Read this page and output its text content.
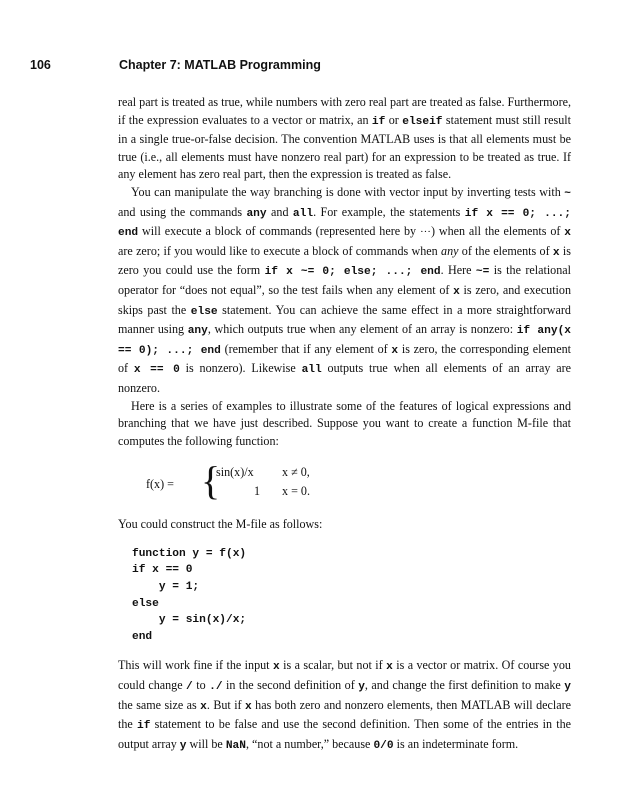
106	Chapter 7: MATLAB Programming

real part is treated as true, while numbers with zero real part are treated as false. Furthermore, if the expression evaluates to a vector or matrix, an if or elseif statement must still result in a single true-or-false decision. The convention MATLAB uses is that all elements must be true (i.e., all elements must have nonzero real part) for an expression to be treated as true. If any element has zero real part, then the expression is treated as false.

You can manipulate the way branching is done with vector input by inverting tests with ~ and using the commands any and all. For example, the statements if x == 0; ...; end will execute a block of commands (represented here by ···) when all the elements of x are zero; if you would like to execute a block of commands when any of the elements of x is zero you could use the form if x ~= 0; else; ...; end. Here ~= is the relational operator for “does not equal”, so the test fails when any element of x is zero, and execution skips past the else statement. You can achieve the same effect in a more straightforward manner using any, which outputs true when any element of an array is nonzero: if any(x == 0); ...; end (remember that if any element of x is zero, the corresponding element of x == 0 is nonzero). Likewise all outputs true when all elements of an array are nonzero.

Here is a series of examples to illustrate some of the features of logical expressions and branching that we have just described. Suppose you want to create a function M-file that computes the following function:

f(x) = {
sin(x)/x x ≠ 0,
1 x = 0.

You could construct the M-file as follows:

function y = f(x)
if x == 0
y = 1;
else
y = sin(x)/x;
end

This will work fine if the input x is a scalar, but not if x is a vector or matrix. Of course you could change / to ./ in the second definition of y, and change the first definition to make y the same size as x. But if x has both zero and nonzero elements, then MATLAB will declare the if statement to be false and use the second definition. Then some of the entries in the output array y will be NaN, “not a number,” because 0/0 is an indeterminate form.
